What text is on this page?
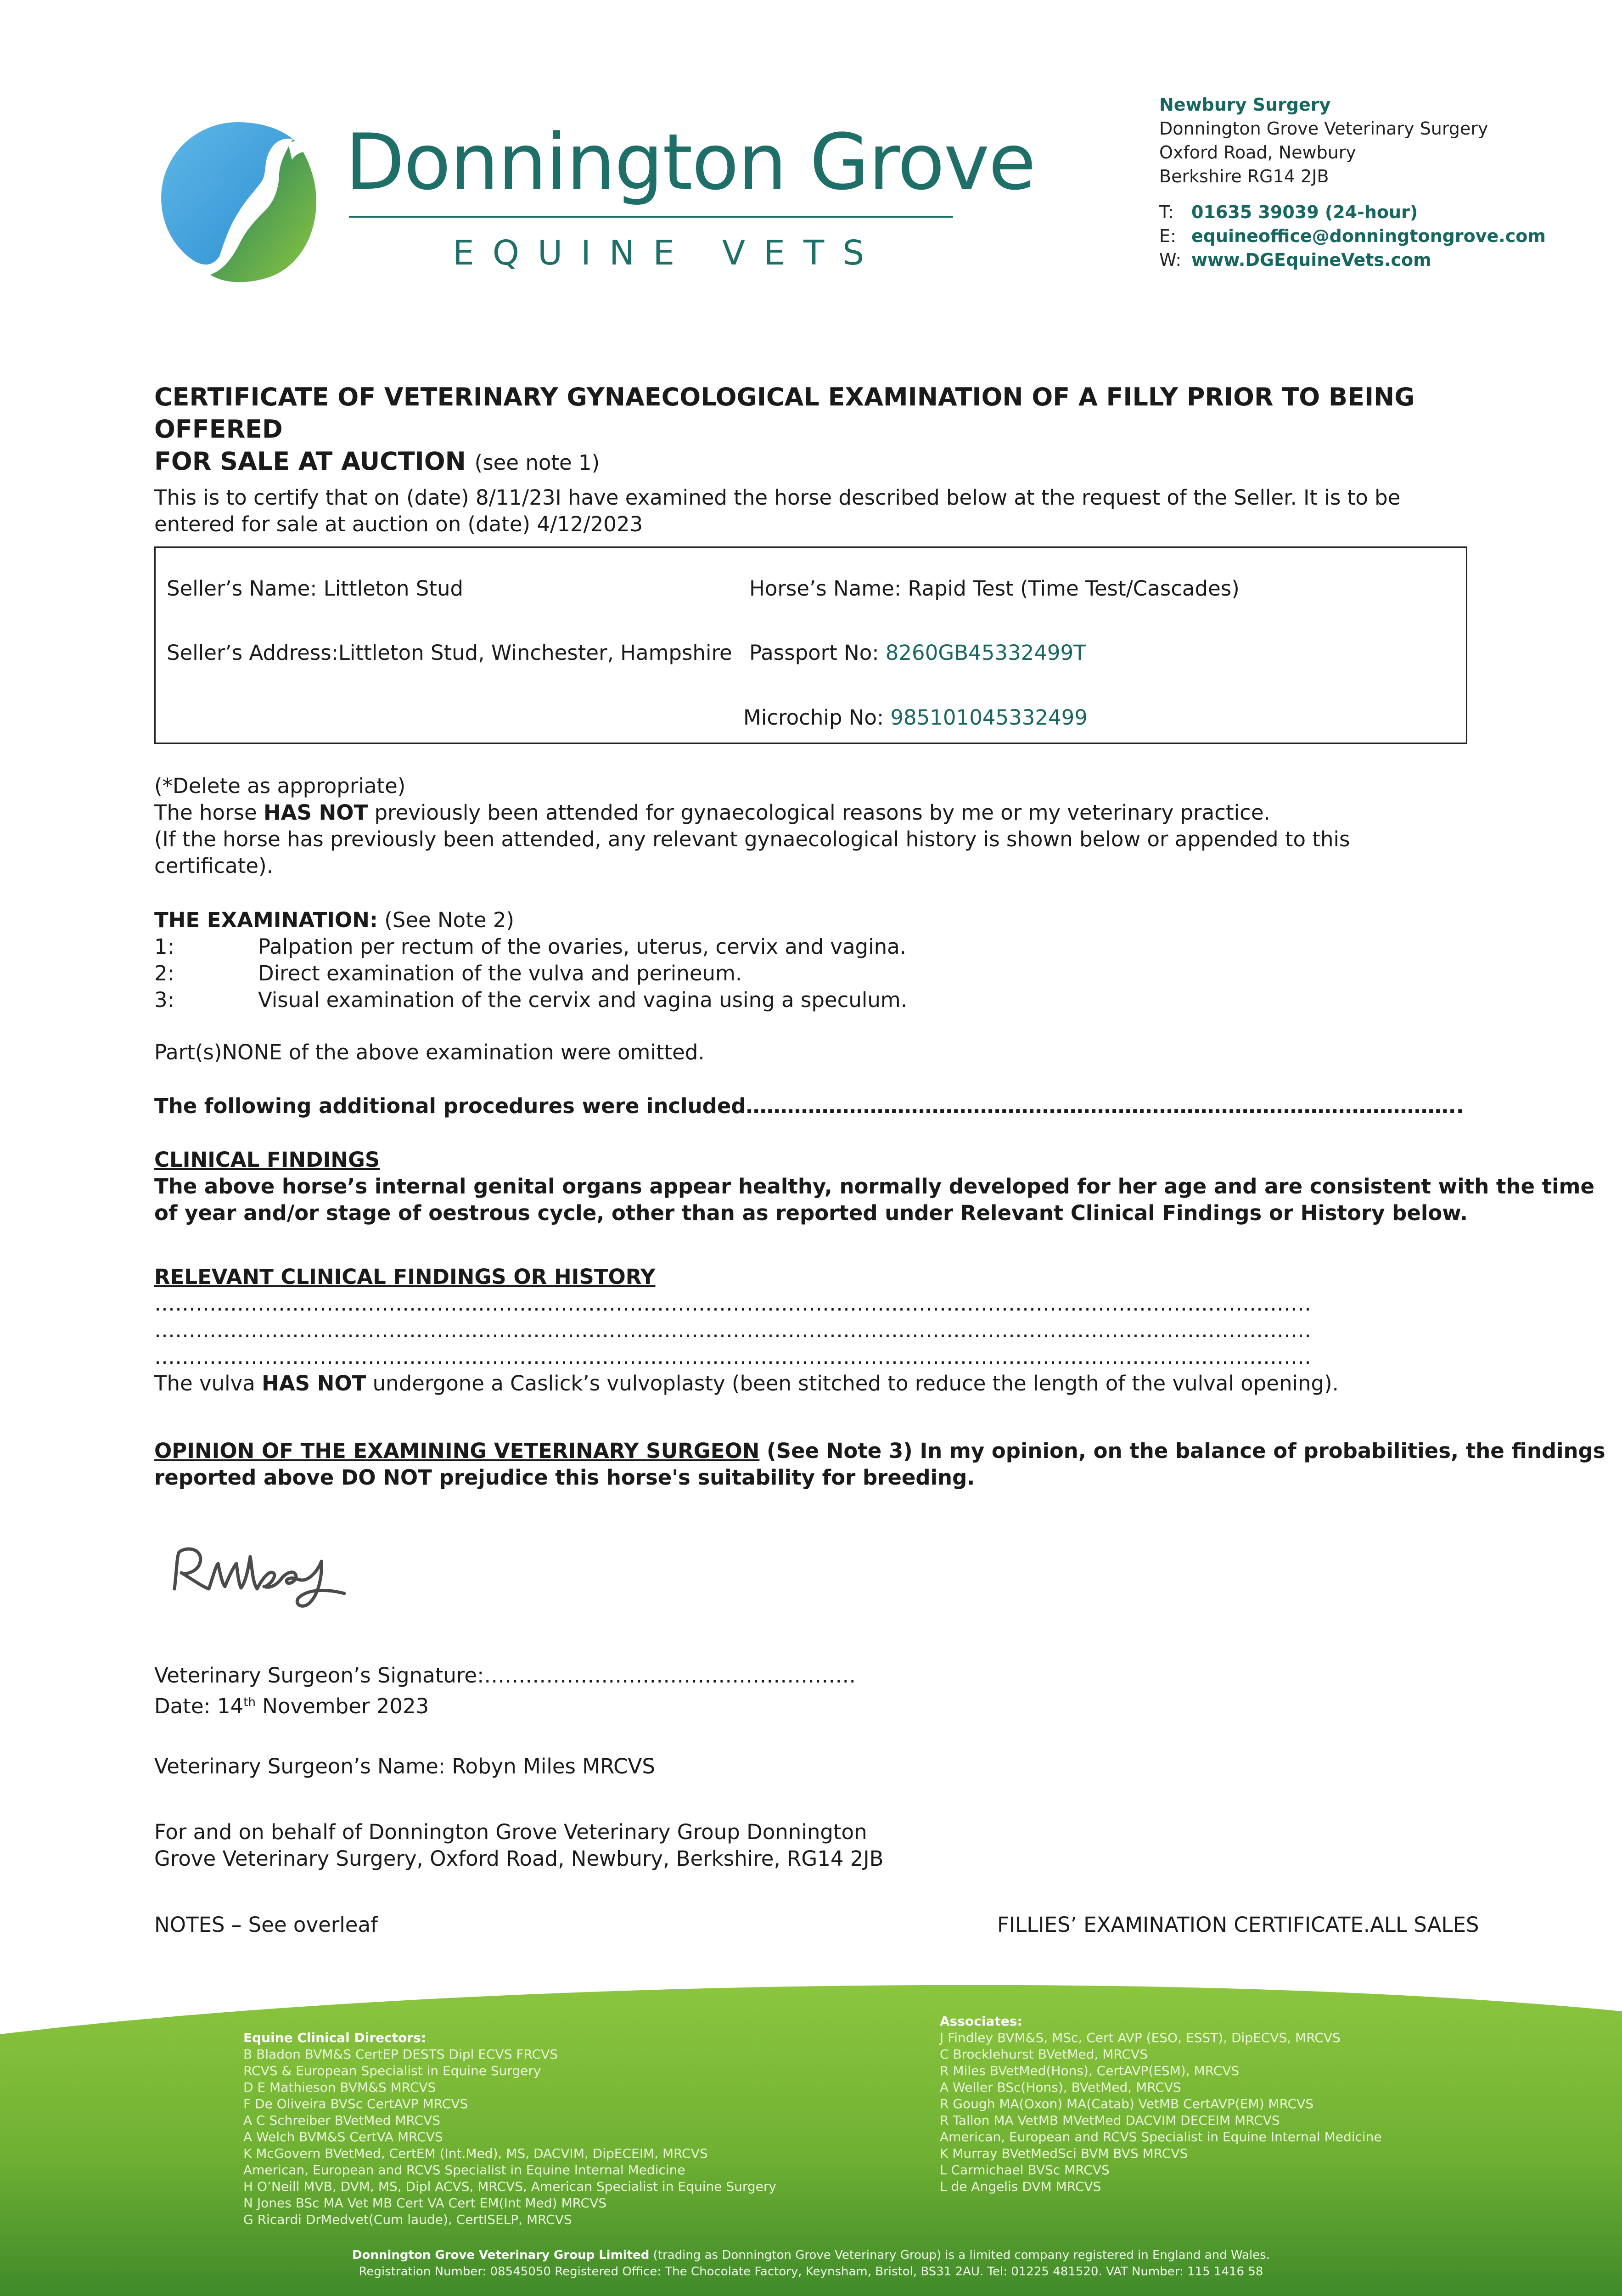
Donnington Grove
EQUINE VETS
Newbury Surgery
Donnington Grove Veterinary Surgery
Oxford Road, Newbury
Berkshire RG14 2JB
T: 01635 39039 (24-hour)
E: equineoffice@donningtongrove.com
W: www.DGEquineVets.com
CERTIFICATE OF VETERINARY GYNAECOLOGICAL EXAMINATION OF A FILLY PRIOR TO BEING OFFERED
FOR SALE AT AUCTION (see note 1)
This is to certify that on (date) 8/11/23I have examined the horse described below at the request of the Seller. It is to be
entered for sale at auction on (date) 4/12/2023
Seller’s Name: Littleton Stud
Seller’s Address:Littleton Stud, Winchester, Hampshire
Horse’s Name: Rapid Test (Time Test/Cascades)
Passport No: 8260GB45332499T
Microchip No: 985101045332499
(*Delete as appropriate)
The horse HAS NOT previously been attended for gynaecological reasons by me or my veterinary practice.
(If the horse has previously been attended, any relevant gynaecological history is shown below or appended to this
certificate).
THE EXAMINATION: (See Note 2)
1:	Palpation per rectum of the ovaries, uterus, cervix and vagina.
2:	Direct examination of the vulva and perineum.
3:	Visual examination of the cervix and vagina using a speculum.
Part(s)NONE of the above examination were omitted.
The following additional procedures were included…………………………………………………………………………………………..
CLINICAL FINDINGS
The above horse’s internal genital organs appear healthy, normally developed for her age and are consistent with the time
of year and/or stage of oestrous cycle, other than as reported under Relevant Clinical Findings or History below.
RELEVANT CLINICAL FINDINGS OR HISTORY
……………………………………………………………………………………………………………………………………………………
……………………………………………………………………………………………………………………………………………………
……………………………………………………………………………………………………………………………………………………
The vulva HAS NOT undergone a Caslick’s vulvoplasty (been stitched to reduce the length of the vulval opening).
OPINION OF THE EXAMINING VETERINARY SURGEON (See Note 3) In my opinion, on the balance of probabilities, the findings
reported above DO NOT prejudice this horse's suitability for breeding.
Veterinary Surgeon’s Signature:………………………………………………
Date: 14th November 2023
Veterinary Surgeon’s Name: Robyn Miles MRCVS
For and on behalf of Donnington Grove Veterinary Group Donnington
Grove Veterinary Surgery, Oxford Road, Newbury, Berkshire, RG14 2JB
NOTES – See overleaf	FILLIES’ EXAMINATION CERTIFICATE.ALL SALES
Equine Clinical Directors:
B Bladon BVM&S CertEP DESTS Dipl ECVS FRCVS
RCVS & European Specialist in Equine Surgery
D E Mathieson BVM&S MRCVS
F De Oliveira BVSc CertAVP MRCVS
A C Schreiber BVetMed MRCVS
A Welch BVM&S CertVA MRCVS
K McGovern BVetMed, CertEM (Int.Med), MS, DACVIM, DipECEIM, MRCVS
American, European and RCVS Specialist in Equine Internal Medicine
H O’Neill MVB, DVM, MS, Dipl ACVS, MRCVS, American Specialist in Equine Surgery
N Jones BSc MA Vet MB Cert VA Cert EM(Int Med) MRCVS
G Ricardi DrMedvet(Cum laude), CertISELP, MRCVS
Associates:
J Findley BVM&S, MSc, Cert AVP (ESO, ESST), DipECVS, MRCVS
C Brocklehurst BVetMed, MRCVS
R Miles BVetMed(Hons), CertAVP(ESM), MRCVS
A Weller BSc(Hons), BVetMed, MRCVS
R Gough MA(Oxon) MA(Catab) VetMB CertAVP(EM) MRCVS
R Tallon MA VetMB MVetMed DACVIM DECEIM MRCVS
American, European and RCVS Specialist in Equine Internal Medicine
K Murray BVetMedSci BVM BVS MRCVS
L Carmichael BVSc MRCVS
L de Angelis DVM MRCVS
Donnington Grove Veterinary Group Limited (trading as Donnington Grove Veterinary Group) is a limited company registered in England and Wales.
Registration Number: 08545050 Registered Office: The Chocolate Factory, Keynsham, Bristol, BS31 2AU. Tel: 01225 481520. VAT Number: 115 1416 58
